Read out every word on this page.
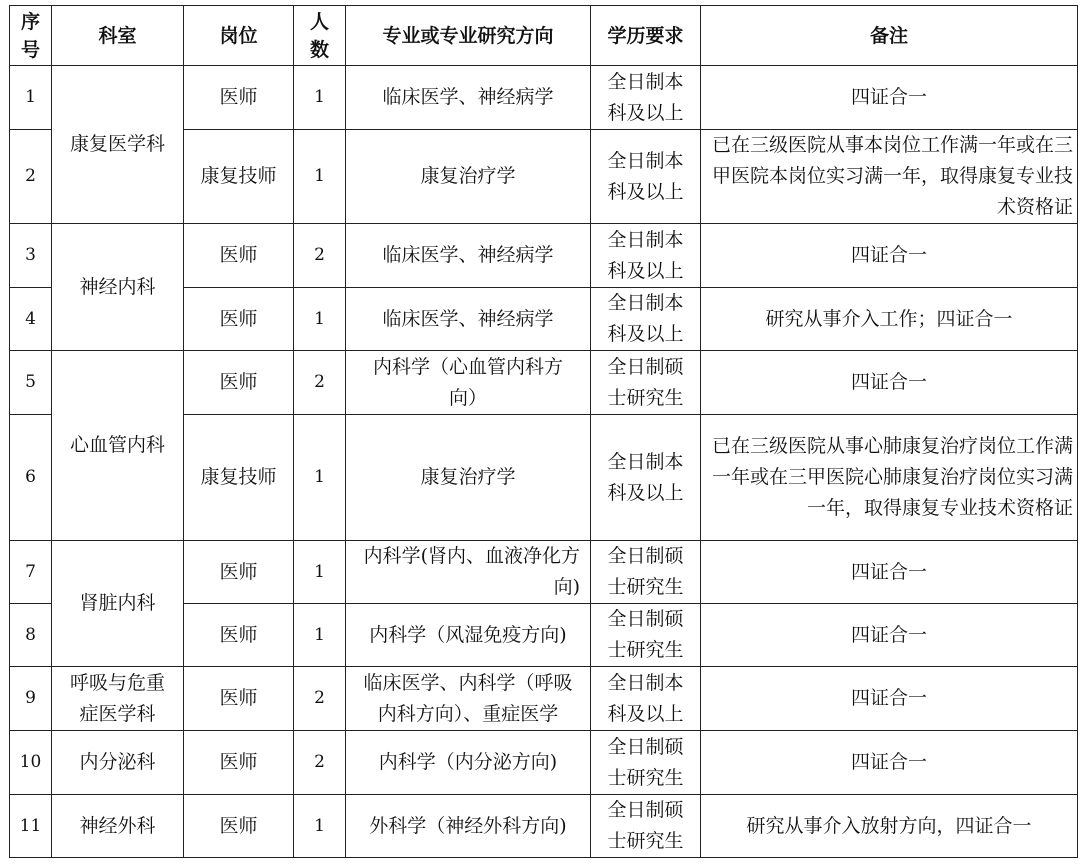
序号	科室	岗位	人数	专业或专业研究方向	学历要求	备注
1	康复医学科	医师	1	临床医学、神经病学	全日制本科及以上	四证合一
2		康复技师	1	康复治疗学	全日制本科及以上	已在三级医院从事本岗位工作满一年或在三甲医院本岗位实习满一年，取得康复专业技术资格证
3	神经内科	医师	2	临床医学、神经病学	全日制本科及以上	四证合一
4		医师	1	临床医学、神经病学	全日制本科及以上	研究从事介入工作；四证合一
5	心血管内科	医师	2	内科学（心血管内科方向）	全日制硕士研究生	四证合一
6		康复技师	1	康复治疗学	全日制本科及以上	已在三级医院从事心肺康复治疗岗位工作满一年或在三甲医院心肺康复治疗岗位实习满一年，取得康复专业技术资格证
7	肾脏内科	医师	1	内科学(肾内、血液净化方向)	全日制硕士研究生	四证合一
8		医师	1	内科学（风湿免疫方向)	全日制硕士研究生	四证合一
9	呼吸与危重症医学科	医师	2	临床医学、内科学（呼吸内科方向）、重症医学	全日制本科及以上	四证合一
10	内分泌科	医师	2	内科学（内分泌方向)	全日制硕士研究生	四证合一
11	神经外科	医师	1	外科学（神经外科方向)	全日制硕士研究生	研究从事介入放射方向，四证合一
